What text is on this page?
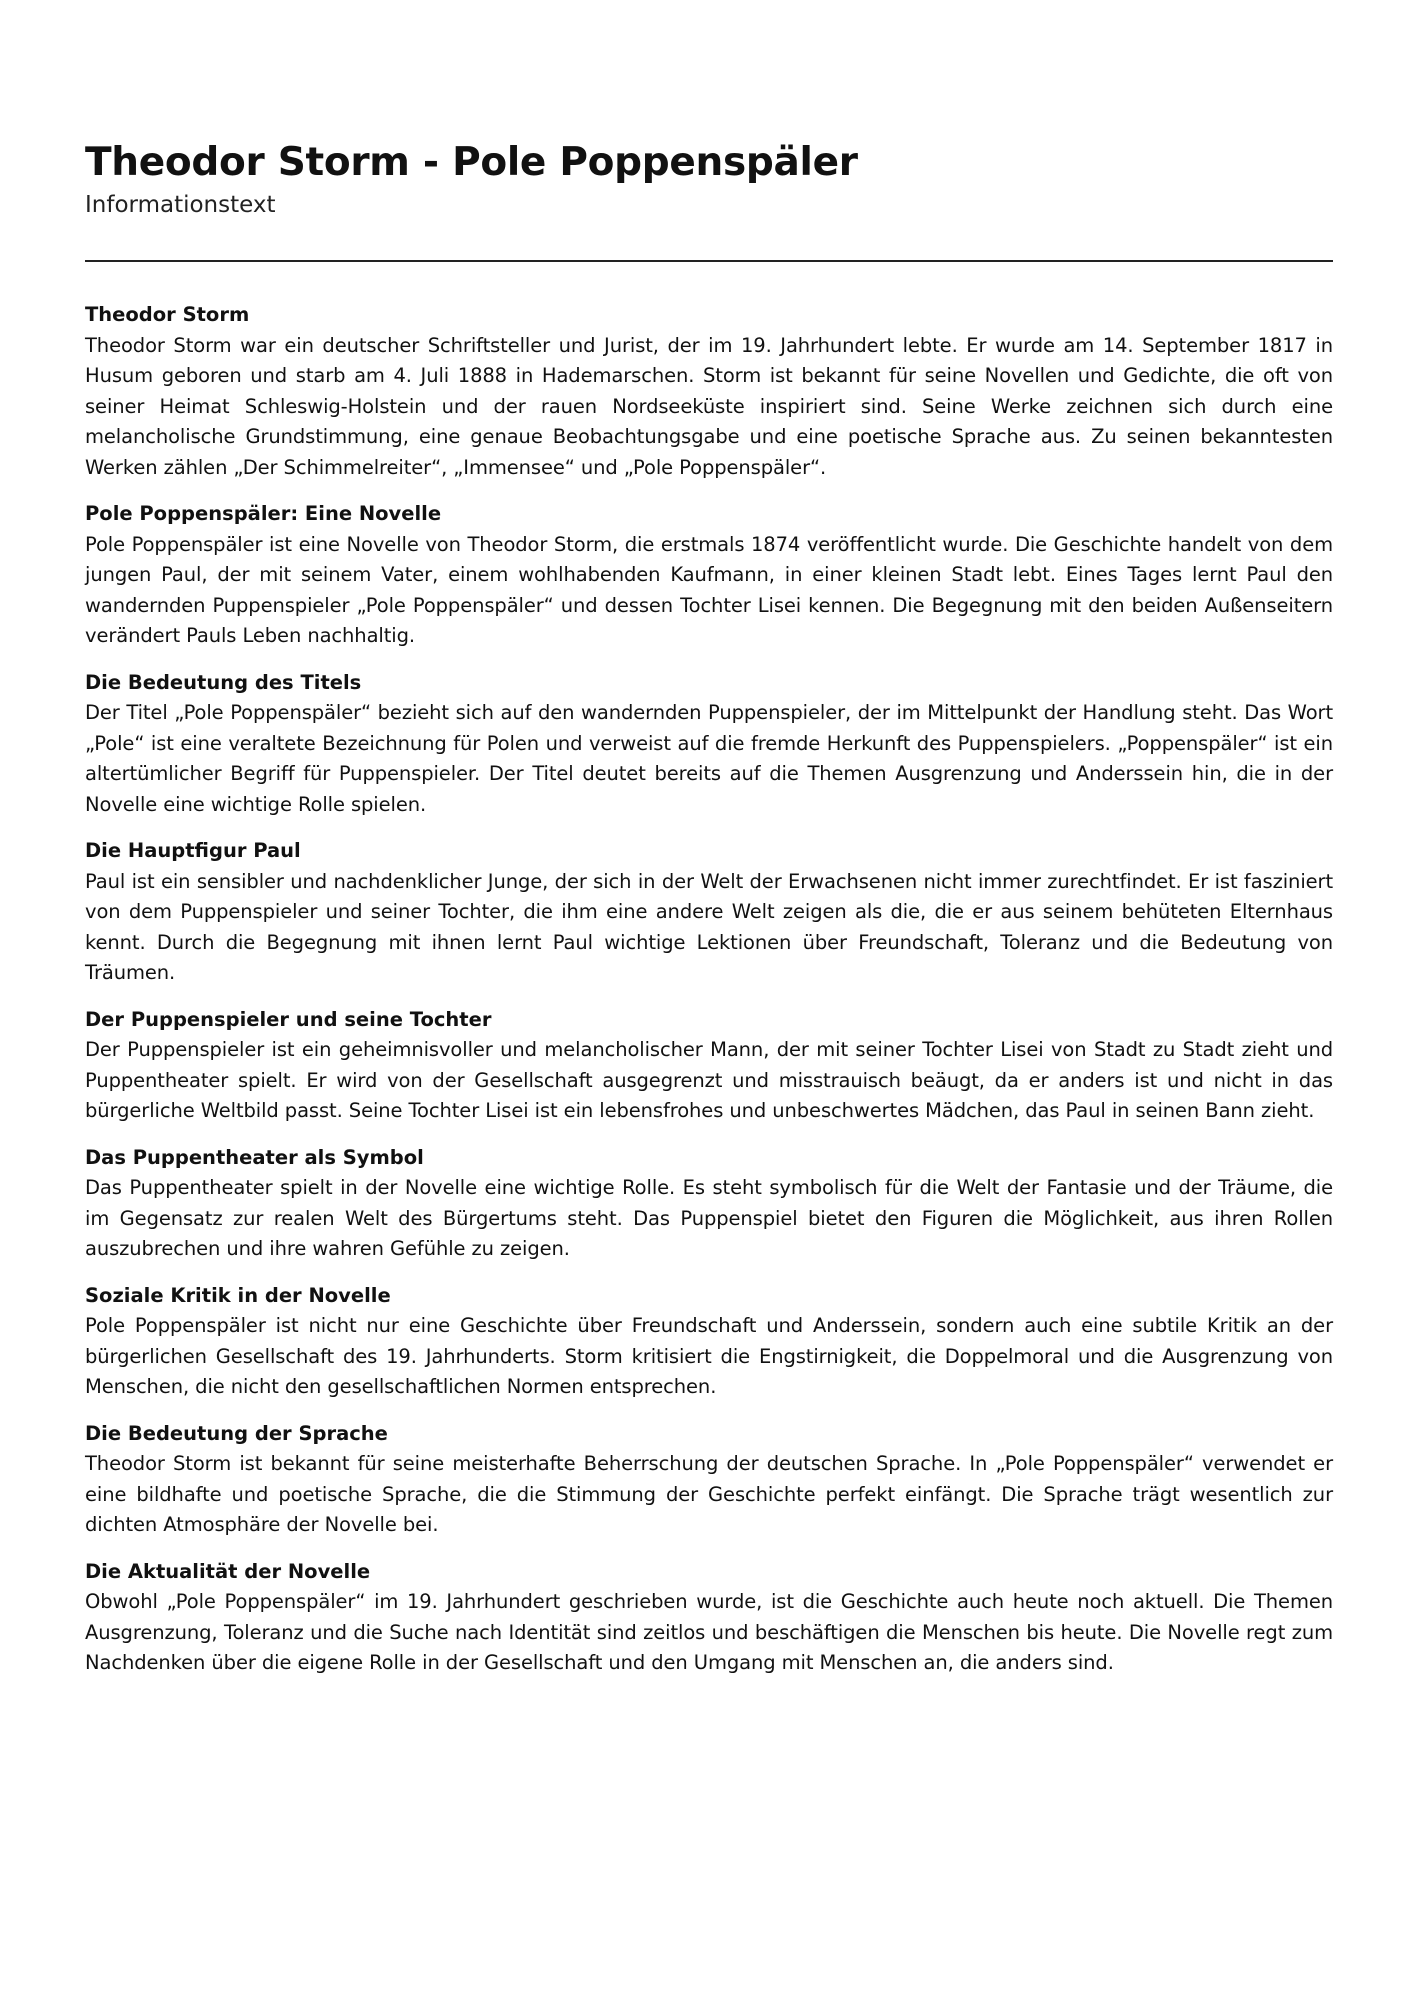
Theodor Storm - Pole Poppenspäler
Informationstext
Theodor Storm

Theodor Storm war ein deutscher Schriftsteller und Jurist, der im 19. Jahrhundert lebte. Er wurde am 14. September 1817 in Husum geboren und starb am 4. Juli 1888 in Hademarschen. Storm ist bekannt für seine Novellen und Gedichte, die oft von seiner Heimat Schleswig-Holstein und der rauen Nordseeküste inspiriert sind. Seine Werke zeichnen sich durch eine melancholische Grundstimmung, eine genaue Beobachtungsgabe und eine poetische Sprache aus. Zu seinen bekanntesten Werken zählen „Der Schimmelreiter“, „Immensee“ und „Pole Poppenspäler“.

Pole Poppenspäler: Eine Novelle

Pole Poppenspäler ist eine Novelle von Theodor Storm, die erstmals 1874 veröffentlicht wurde. Die Geschichte handelt von dem jungen Paul, der mit seinem Vater, einem wohlhabenden Kaufmann, in einer kleinen Stadt lebt. Eines Tages lernt Paul den wandernden Puppenspieler „Pole Poppenspäler“ und dessen Tochter Lisei kennen. Die Begegnung mit den beiden Außenseitern verändert Pauls Leben nachhaltig.

Die Bedeutung des Titels

Der Titel „Pole Poppenspäler“ bezieht sich auf den wandernden Puppenspieler, der im Mittelpunkt der Handlung steht. Das Wort „Pole“ ist eine veraltete Bezeichnung für Polen und verweist auf die fremde Herkunft des Puppenspielers. „Poppenspäler“ ist ein altertümlicher Begriff für Puppenspieler. Der Titel deutet bereits auf die Themen Ausgrenzung und Anderssein hin, die in der Novelle eine wichtige Rolle spielen.

Die Hauptfigur Paul

Paul ist ein sensibler und nachdenklicher Junge, der sich in der Welt der Erwachsenen nicht immer zurechtfindet. Er ist fasziniert von dem Puppenspieler und seiner Tochter, die ihm eine andere Welt zeigen als die, die er aus seinem behüteten Elternhaus kennt. Durch die Begegnung mit ihnen lernt Paul wichtige Lektionen über Freundschaft, Toleranz und die Bedeutung von Träumen.

Der Puppenspieler und seine Tochter

Der Puppenspieler ist ein geheimnisvoller und melancholischer Mann, der mit seiner Tochter Lisei von Stadt zu Stadt zieht und Puppentheater spielt. Er wird von der Gesellschaft ausgegrenzt und misstrauisch beäugt, da er anders ist und nicht in das bürgerliche Weltbild passt. Seine Tochter Lisei ist ein lebensfrohes und unbeschwertes Mädchen, das Paul in seinen Bann zieht.

Das Puppentheater als Symbol

Das Puppentheater spielt in der Novelle eine wichtige Rolle. Es steht symbolisch für die Welt der Fantasie und der Träume, die im Gegensatz zur realen Welt des Bürgertums steht. Das Puppenspiel bietet den Figuren die Möglichkeit, aus ihren Rollen auszubrechen und ihre wahren Gefühle zu zeigen.

Soziale Kritik in der Novelle

Pole Poppenspäler ist nicht nur eine Geschichte über Freundschaft und Anderssein, sondern auch eine subtile Kritik an der bürgerlichen Gesellschaft des 19. Jahrhunderts. Storm kritisiert die Engstirnigkeit, die Doppelmoral und die Ausgrenzung von Menschen, die nicht den gesellschaftlichen Normen entsprechen.

Die Bedeutung der Sprache

Theodor Storm ist bekannt für seine meisterhafte Beherrschung der deutschen Sprache. In „Pole Poppenspäler“ verwendet er eine bildhafte und poetische Sprache, die die Stimmung der Geschichte perfekt einfängt. Die Sprache trägt wesentlich zur dichten Atmosphäre der Novelle bei.

Die Aktualität der Novelle

Obwohl „Pole Poppenspäler“ im 19. Jahrhundert geschrieben wurde, ist die Geschichte auch heute noch aktuell. Die Themen Ausgrenzung, Toleranz und die Suche nach Identität sind zeitlos und beschäftigen die Menschen bis heute. Die Novelle regt zum Nachdenken über die eigene Rolle in der Gesellschaft und den Umgang mit Menschen an, die anders sind.
